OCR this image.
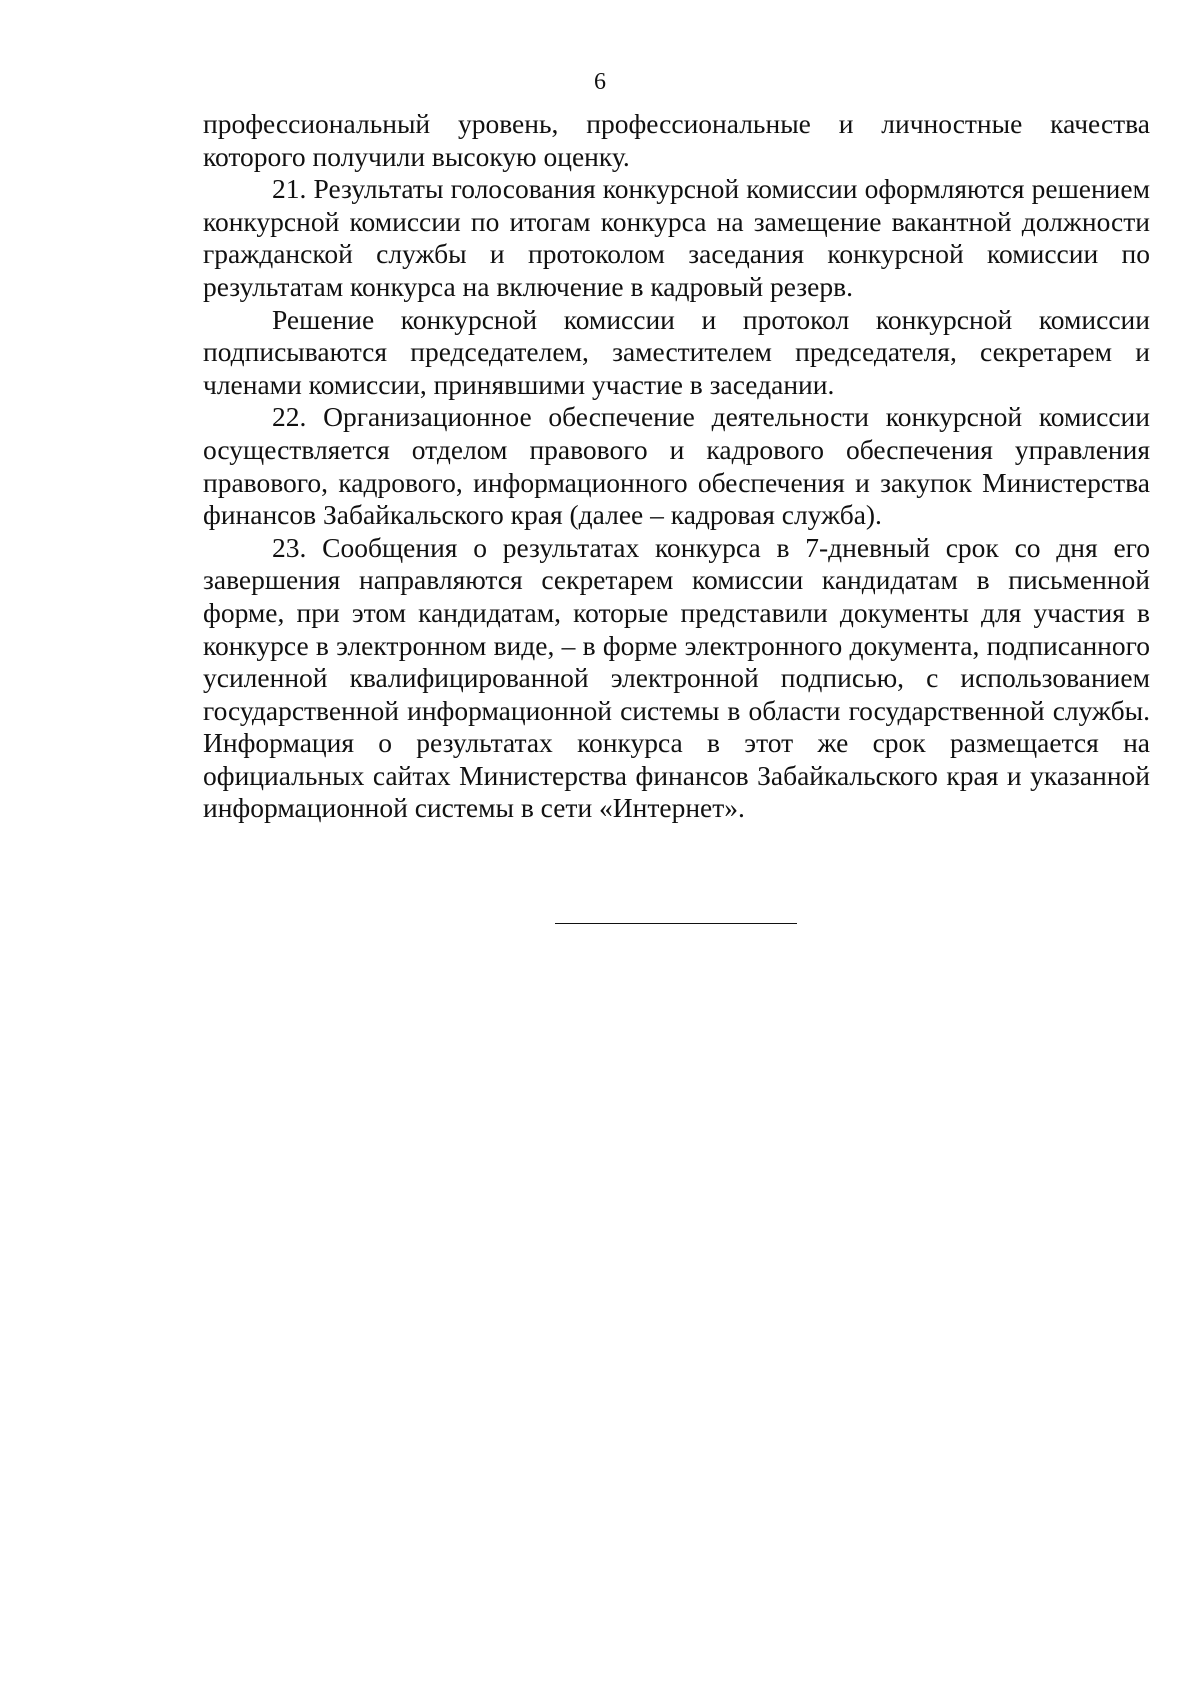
6

профессиональный уровень, профессиональные и личностные качества которого получили высокую оценку.

21. Результаты голосования конкурсной комиссии оформляются решением конкурсной комиссии по итогам конкурса на замещение вакантной должности гражданской службы и протоколом заседания конкурсной комиссии по результатам конкурса на включение в кадровый резерв.

Решение конкурсной комиссии и протокол конкурсной комиссии подписываются председателем, заместителем председателя, секретарем и членами комиссии, принявшими участие в заседании.

22. Организационное обеспечение деятельности конкурсной комиссии осуществляется отделом правового и кадрового обеспечения управления правового, кадрового, информационного обеспечения и закупок Министерства финансов Забайкальского края (далее – кадровая служба).

23. Сообщения о результатах конкурса в 7-дневный срок со дня его завершения направляются секретарем комиссии кандидатам в письменной форме, при этом кандидатам, которые представили документы для участия в конкурсе в электронном виде, – в форме электронного документа, подписанного усиленной квалифицированной электронной подписью, с использованием государственной информационной системы в области государственной службы. Информация о результатах конкурса в этот же срок размещается на официальных сайтах Министерства финансов Забайкальского края и указанной информационной системы в сети «Интернет».
